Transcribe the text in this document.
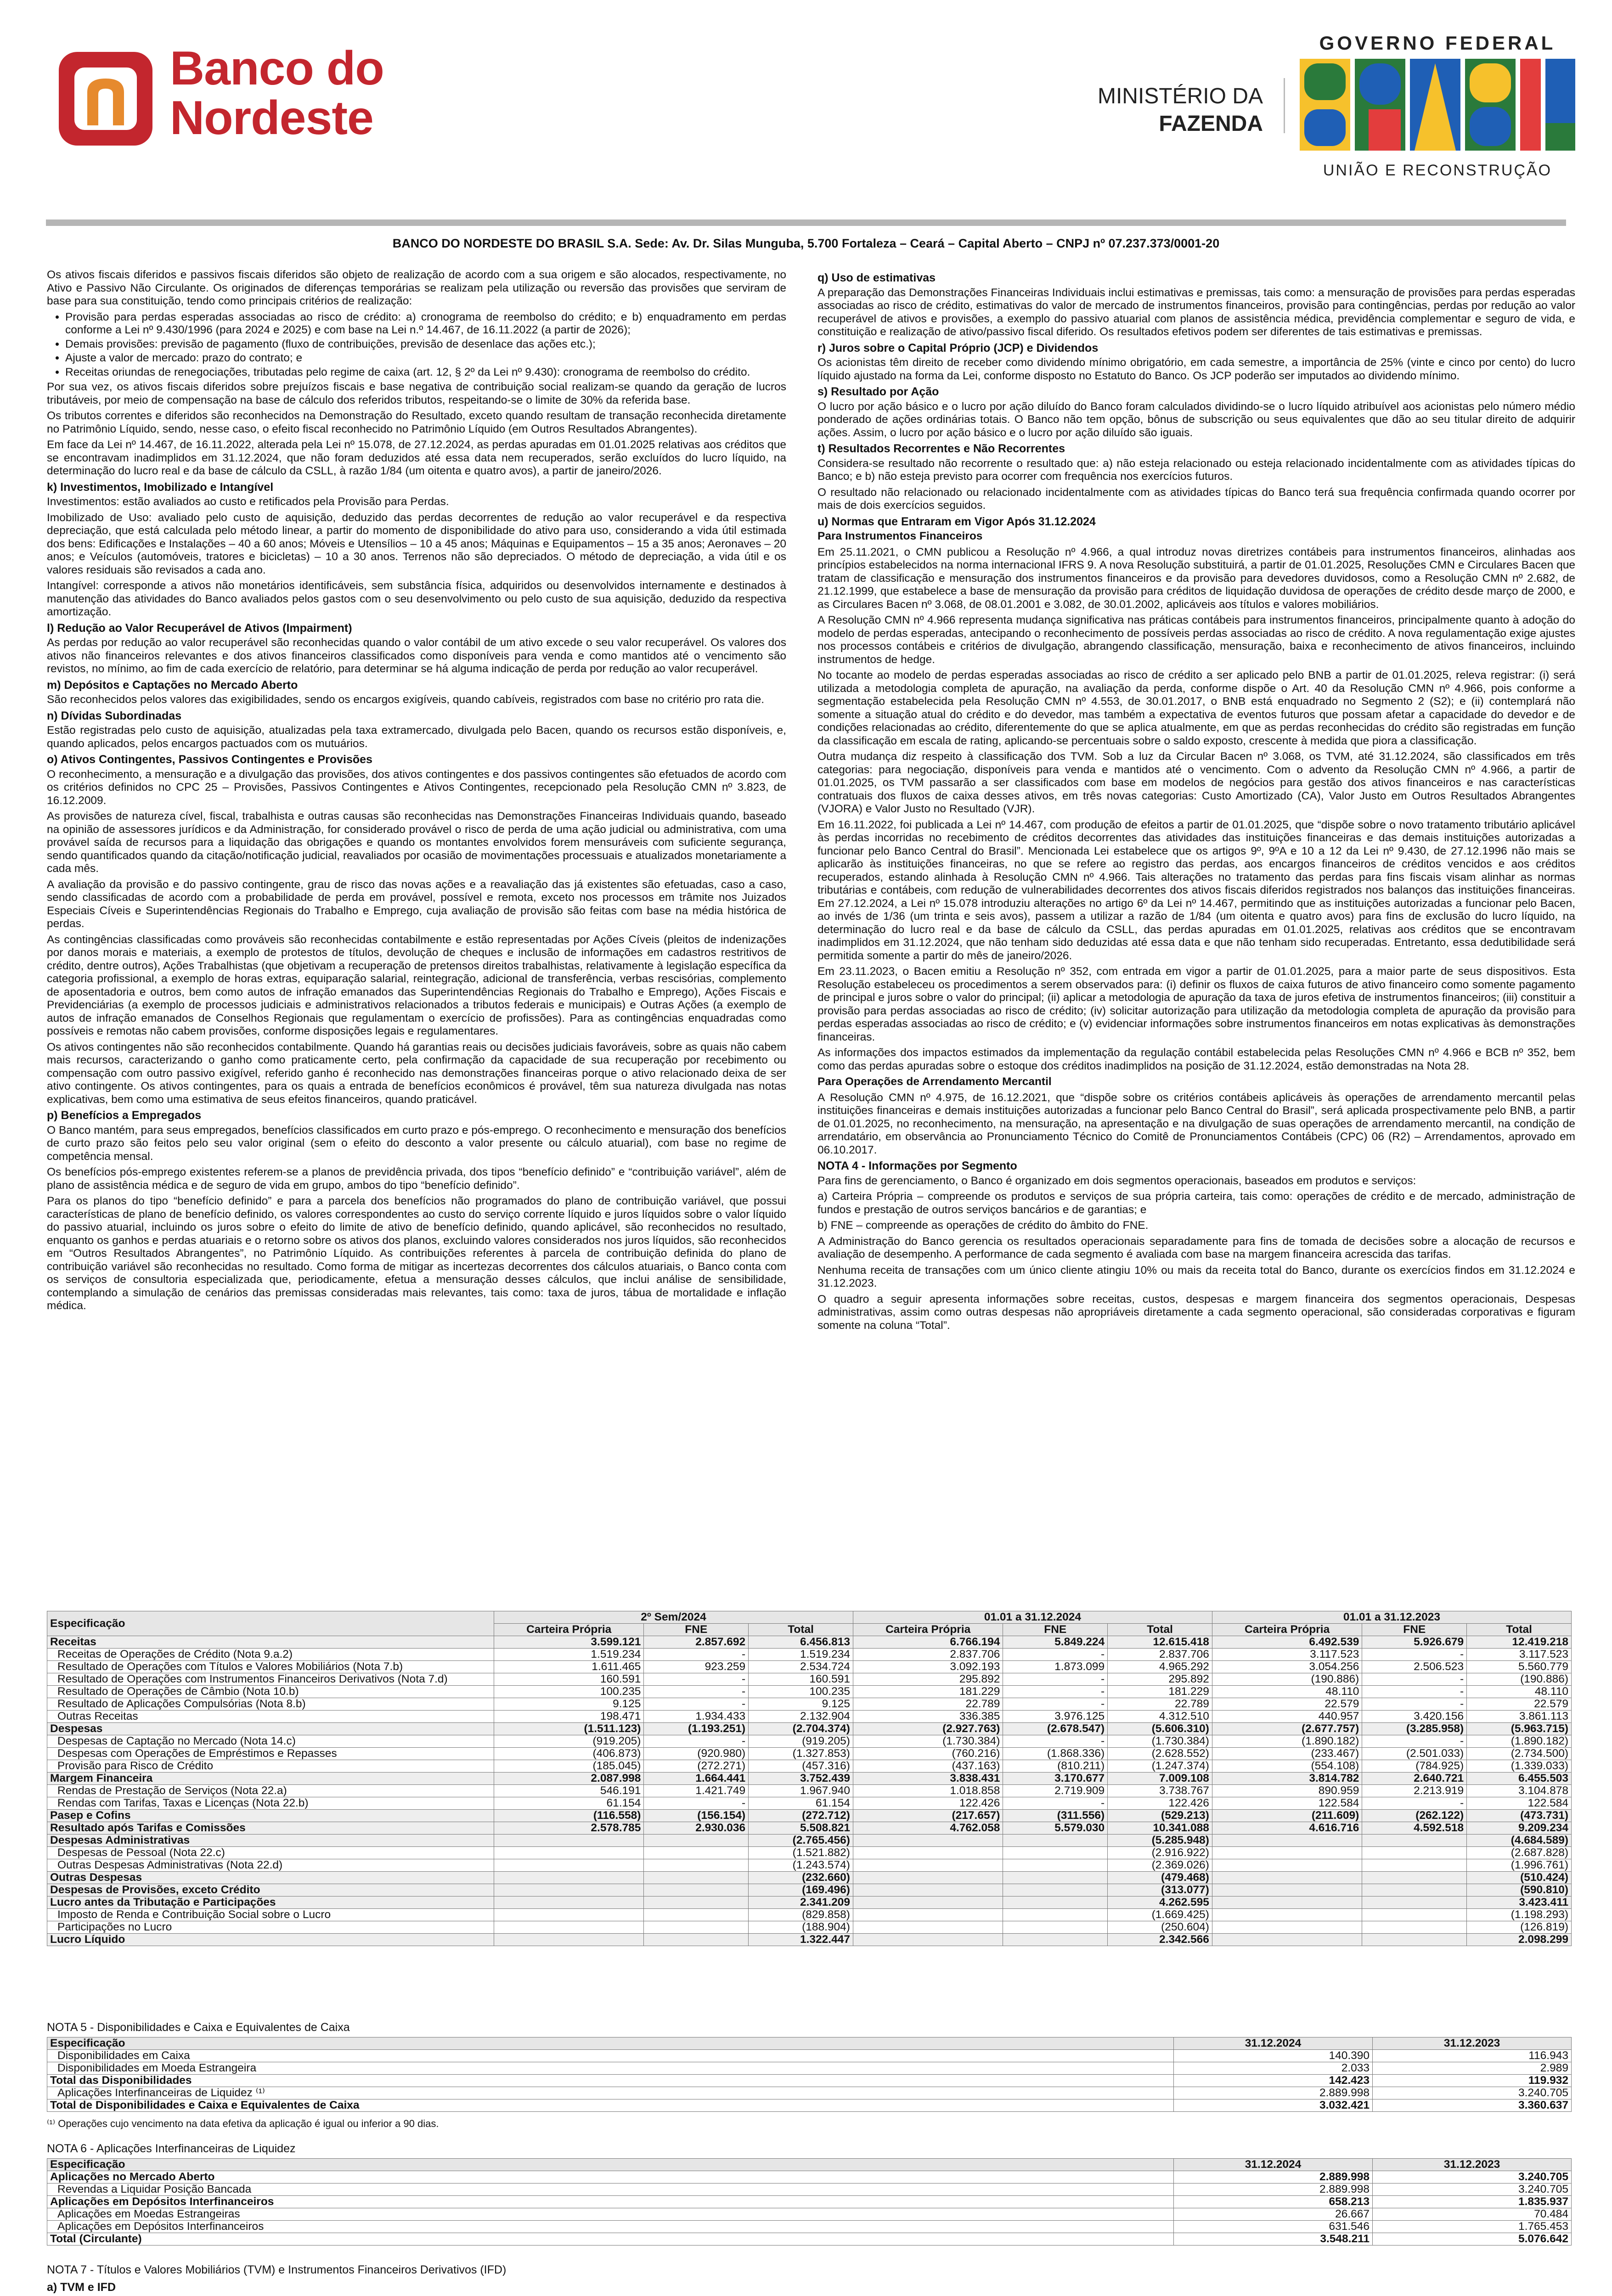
Banco do
Nordeste	MINISTÉRIO DA
FAZENDA
GOVERNO FEDERAL
UNIÃO E RECONSTRUÇÃO
BANCO DO NORDESTE DO BRASIL S.A. Sede: Av. Dr. Silas Munguba, 5.700 Fortaleza – Ceará – Capital Aberto – CNPJ nº 07.237.373/0001-20

Os ativos fiscais diferidos e passivos fiscais diferidos são objeto de realização de acordo com a sua origem e são alocados, respectivamente, no Ativo e Passivo Não Circulante. Os originados de diferenças temporárias se realizam pela utilização ou reversão das provisões que serviram de base para sua constituição, tendo como principais critérios de realização:

• Provisão para perdas esperadas associadas ao risco de crédito: a) cronograma de reembolso do crédito; e b) enquadramento em perdas conforme a Lei nº 9.430/1996 (para 2024 e 2025) e com base na Lei n.º 14.467, de 16.11.2022 (a partir de 2026);
• Demais provisões: previsão de pagamento (fluxo de contribuições, previsão de desenlace das ações etc.);
• Ajuste a valor de mercado: prazo do contrato; e
• Receitas oriundas de renegociações, tributadas pelo regime de caixa (art. 12, § 2º da Lei nº 9.430): cronograma de reembolso do crédito.

Por sua vez, os ativos fiscais diferidos sobre prejuízos fiscais e base negativa de contribuição social realizam-se quando da geração de lucros tributáveis, por meio de compensação na base de cálculo dos referidos tributos, respeitando-se o limite de 30% da referida base.

Os tributos correntes e diferidos são reconhecidos na Demonstração do Resultado, exceto quando resultam de transação reconhecida diretamente no Patrimônio Líquido, sendo, nesse caso, o efeito fiscal reconhecido no Patrimônio Líquido (em Outros Resultados Abrangentes).

Em face da Lei nº 14.467, de 16.11.2022, alterada pela Lei nº 15.078, de 27.12.2024, as perdas apuradas em 01.01.2025 relativas aos créditos que se encontravam inadimplidos em 31.12.2024, que não foram deduzidos até essa data nem recuperados, serão excluídos do lucro líquido, na determinação do lucro real e da base de cálculo da CSLL, à razão 1/84 (um oitenta e quatro avos), a partir de janeiro/2026.

k) Investimentos, Imobilizado e Intangível

Investimentos: estão avaliados ao custo e retificados pela Provisão para Perdas.

Imobilizado de Uso: avaliado pelo custo de aquisição, deduzido das perdas decorrentes de redução ao valor recuperável e da respectiva depreciação, que está calculada pelo método linear, a partir do momento de disponibilidade do ativo para uso, considerando a vida útil estimada dos bens: Edificações e Instalações – 40 a 60 anos; Móveis e Utensílios – 10 a 45 anos; Máquinas e Equipamentos – 15 a 35 anos; Aeronaves – 20 anos; e Veículos (automóveis, tratores e bicicletas) – 10 a 30 anos. Terrenos não são depreciados. O método de depreciação, a vida útil e os valores residuais são revisados a cada ano.

Intangível: corresponde a ativos não monetários identificáveis, sem substância física, adquiridos ou desenvolvidos internamente e destinados à manutenção das atividades do Banco avaliados pelos gastos com o seu desenvolvimento ou pelo custo de sua aquisição, deduzido da respectiva amortização.

l) Redução ao Valor Recuperável de Ativos (Impairment)

As perdas por redução ao valor recuperável são reconhecidas quando o valor contábil de um ativo excede o seu valor recuperável. Os valores dos ativos não financeiros relevantes e dos ativos financeiros classificados como disponíveis para venda e como mantidos até o vencimento são revistos, no mínimo, ao fim de cada exercício de relatório, para determinar se há alguma indicação de perda por redução ao valor recuperável.

m) Depósitos e Captações no Mercado Aberto

São reconhecidos pelos valores das exigibilidades, sendo os encargos exigíveis, quando cabíveis, registrados com base no critério pro rata die.

n) Dívidas Subordinadas

Estão registradas pelo custo de aquisição, atualizadas pela taxa extramercado, divulgada pelo Bacen, quando os recursos estão disponíveis, e, quando aplicados, pelos encargos pactuados com os mutuários.

o) Ativos Contingentes, Passivos Contingentes e Provisões

O reconhecimento, a mensuração e a divulgação das provisões, dos ativos contingentes e dos passivos contingentes são efetuados de acordo com os critérios definidos no CPC 25 – Provisões, Passivos Contingentes e Ativos Contingentes, recepcionado pela Resolução CMN nº 3.823, de 16.12.2009.

As provisões de natureza cível, fiscal, trabalhista e outras causas são reconhecidas nas Demonstrações Financeiras Individuais quando, baseado na opinião de assessores jurídicos e da Administração, for considerado provável o risco de perda de uma ação judicial ou administrativa, com uma provável saída de recursos para a liquidação das obrigações e quando os montantes envolvidos forem mensuráveis com suficiente segurança, sendo quantificados quando da citação/notificação judicial, reavaliados por ocasião de movimentações processuais e atualizados monetariamente a cada mês.

A avaliação da provisão e do passivo contingente, grau de risco das novas ações e a reavaliação das já existentes são efetuadas, caso a caso, sendo classificadas de acordo com a probabilidade de perda em provável, possível e remota, exceto nos processos em trâmite nos Juizados Especiais Cíveis e Superintendências Regionais do Trabalho e Emprego, cuja avaliação de provisão são feitas com base na média histórica de perdas.

As contingências classificadas como prováveis são reconhecidas contabilmente e estão representadas por Ações Cíveis (pleitos de indenizações por danos morais e materiais, a exemplo de protestos de títulos, devolução de cheques e inclusão de informações em cadastros restritivos de crédito, dentre outros), Ações Trabalhistas (que objetivam a recuperação de pretensos direitos trabalhistas, relativamente à legislação específica da categoria profissional, a exemplo de horas extras, equiparação salarial, reintegração, adicional de transferência, verbas rescisórias, complemento de aposentadoria e outros, bem como autos de infração emanados das Superintendências Regionais do Trabalho e Emprego), Ações Fiscais e Previdenciárias (a exemplo de processos judiciais e administrativos relacionados a tributos federais e municipais) e Outras Ações (a exemplo de autos de infração emanados de Conselhos Regionais que regulamentam o exercício de profissões). Para as contingências enquadradas como possíveis e remotas não cabem provisões, conforme disposições legais e regulamentares.

Os ativos contingentes não são reconhecidos contabilmente. Quando há garantias reais ou decisões judiciais favoráveis, sobre as quais não cabem mais recursos, caracterizando o ganho como praticamente certo, pela confirmação da capacidade de sua recuperação por recebimento ou compensação com outro passivo exigível, referido ganho é reconhecido nas demonstrações financeiras porque o ativo relacionado deixa de ser ativo contingente. Os ativos contingentes, para os quais a entrada de benefícios econômicos é provável, têm sua natureza divulgada nas notas explicativas, bem como uma estimativa de seus efeitos financeiros, quando praticável.

p) Benefícios a Empregados

O Banco mantém, para seus empregados, benefícios classificados em curto prazo e pós-emprego. O reconhecimento e mensuração dos benefícios de curto prazo são feitos pelo seu valor original (sem o efeito do desconto a valor presente ou cálculo atuarial), com base no regime de competência mensal.

Os benefícios pós-emprego existentes referem-se a planos de previdência privada, dos tipos “benefício definido” e “contribuição variável”, além de plano de assistência médica e de seguro de vida em grupo, ambos do tipo “benefício definido”.

Para os planos do tipo “benefício definido” e para a parcela dos benefícios não programados do plano de contribuição variável, que possui características de plano de benefício definido, os valores correspondentes ao custo do serviço corrente líquido e juros líquidos sobre o valor líquido do passivo atuarial, incluindo os juros sobre o efeito do limite de ativo de benefício definido, quando aplicável, são reconhecidos no resultado, enquanto os ganhos e perdas atuariais e o retorno sobre os ativos dos planos, excluindo valores considerados nos juros líquidos, são reconhecidos em “Outros Resultados Abrangentes”, no Patrimônio Líquido. As contribuições referentes à parcela de contribuição definida do plano de contribuição variável são reconhecidas no resultado. Como forma de mitigar as incertezas decorrentes dos cálculos atuariais, o Banco conta com os serviços de consultoria especializada que, periodicamente, efetua a mensuração desses cálculos, que inclui análise de sensibilidade, contemplando a simulação de cenários das premissas consideradas mais relevantes, tais como: taxa de juros, tábua de mortalidade e inflação médica.

q) Uso de estimativas

A preparação das Demonstrações Financeiras Individuais inclui estimativas e premissas, tais como: a mensuração de provisões para perdas esperadas associadas ao risco de crédito, estimativas do valor de mercado de instrumentos financeiros, provisão para contingências, perdas por redução ao valor recuperável de ativos e provisões, a exemplo do passivo atuarial com planos de assistência médica, previdência complementar e seguro de vida, e constituição e realização de ativo/passivo fiscal diferido. Os resultados efetivos podem ser diferentes de tais estimativas e premissas.

r) Juros sobre o Capital Próprio (JCP) e Dividendos

Os acionistas têm direito de receber como dividendo mínimo obrigatório, em cada semestre, a importância de 25% (vinte e cinco por cento) do lucro líquido ajustado na forma da Lei, conforme disposto no Estatuto do Banco. Os JCP poderão ser imputados ao dividendo mínimo.

s) Resultado por Ação

O lucro por ação básico e o lucro por ação diluído do Banco foram calculados dividindo-se o lucro líquido atribuível aos acionistas pelo número médio ponderado de ações ordinárias totais. O Banco não tem opção, bônus de subscrição ou seus equivalentes que dão ao seu titular direito de adquirir ações. Assim, o lucro por ação básico e o lucro por ação diluído são iguais.

t) Resultados Recorrentes e Não Recorrentes

Considera-se resultado não recorrente o resultado que: a) não esteja relacionado ou esteja relacionado incidentalmente com as atividades típicas do Banco; e b) não esteja previsto para ocorrer com frequência nos exercícios futuros.

O resultado não relacionado ou relacionado incidentalmente com as atividades típicas do Banco terá sua frequência confirmada quando ocorrer por mais de dois exercícios seguidos.

u) Normas que Entraram em Vigor Após 31.12.2024

Para Instrumentos Financeiros

Em 25.11.2021, o CMN publicou a Resolução nº 4.966, a qual introduz novas diretrizes contábeis para instrumentos financeiros, alinhadas aos princípios estabelecidos na norma internacional IFRS 9. A nova Resolução substituirá, a partir de 01.01.2025, Resoluções CMN e Circulares Bacen que tratam de classificação e mensuração dos instrumentos financeiros e da provisão para devedores duvidosos, como a Resolução CMN nº 2.682, de 21.12.1999, que estabelece a base de mensuração da provisão para créditos de liquidação duvidosa de operações de crédito desde março de 2000, e as Circulares Bacen nº 3.068, de 08.01.2001 e 3.082, de 30.01.2002, aplicáveis aos títulos e valores mobiliários.

A Resolução CMN nº 4.966 representa mudança significativa nas práticas contábeis para instrumentos financeiros, principalmente quanto à adoção do modelo de perdas esperadas, antecipando o reconhecimento de possíveis perdas associadas ao risco de crédito. A nova regulamentação exige ajustes nos processos contábeis e critérios de divulgação, abrangendo classificação, mensuração, baixa e reconhecimento de ativos financeiros, incluindo instrumentos de hedge.

No tocante ao modelo de perdas esperadas associadas ao risco de crédito a ser aplicado pelo BNB a partir de 01.01.2025, releva registrar: (i) será utilizada a metodologia completa de apuração, na avaliação da perda, conforme dispõe o Art. 40 da Resolução CMN nº 4.966, pois conforme a segmentação estabelecida pela Resolução CMN nº 4.553, de 30.01.2017, o BNB está enquadrado no Segmento 2 (S2); e (ii) contemplará não somente a situação atual do crédito e do devedor, mas também a expectativa de eventos futuros que possam afetar a capacidade do devedor e de condições relacionadas ao crédito, diferentemente do que se aplica atualmente, em que as perdas reconhecidas do crédito são registradas em função da classificação em escala de rating, aplicando-se percentuais sobre o saldo exposto, crescente à medida que piora a classificação.

Outra mudança diz respeito à classificação dos TVM. Sob a luz da Circular Bacen nº 3.068, os TVM, até 31.12.2024, são classificados em três categorias: para negociação, disponíveis para venda e mantidos até o vencimento. Com o advento da Resolução CMN nº 4.966, a partir de 01.01.2025, os TVM passarão a ser classificados com base em modelos de negócios para gestão dos ativos financeiros e nas características contratuais dos fluxos de caixa desses ativos, em três novas categorias: Custo Amortizado (CA), Valor Justo em Outros Resultados Abrangentes (VJORA) e Valor Justo no Resultado (VJR).

Em 16.11.2022, foi publicada a Lei nº 14.467, com produção de efeitos a partir de 01.01.2025, que “dispõe sobre o novo tratamento tributário aplicável às perdas incorridas no recebimento de créditos decorrentes das atividades das instituições financeiras e das demais instituições autorizadas a funcionar pelo Banco Central do Brasil”. Mencionada Lei estabelece que os artigos 9º, 9ºA e 10 a 12 da Lei nº 9.430, de 27.12.1996 não mais se aplicarão às instituições financeiras, no que se refere ao registro das perdas, aos encargos financeiros de créditos vencidos e aos créditos recuperados, estando alinhada à Resolução CMN nº 4.966. Tais alterações no tratamento das perdas para fins fiscais visam alinhar as normas tributárias e contábeis, com redução de vulnerabilidades decorrentes dos ativos fiscais diferidos registrados nos balanços das instituições financeiras. Em 27.12.2024, a Lei nº 15.078 introduziu alterações no artigo 6º da Lei nº 14.467, permitindo que as instituições autorizadas a funcionar pelo Bacen, ao invés de 1/36 (um trinta e seis avos), passem a utilizar a razão de 1/84 (um oitenta e quatro avos) para fins de exclusão do lucro líquido, na determinação do lucro real e da base de cálculo da CSLL, das perdas apuradas em 01.01.2025, relativas aos créditos que se encontravam inadimplidos em 31.12.2024, que não tenham sido deduzidas até essa data e que não tenham sido recuperadas. Entretanto, essa dedutibilidade será permitida somente a partir do mês de janeiro/2026.

Em 23.11.2023, o Bacen emitiu a Resolução nº 352, com entrada em vigor a partir de 01.01.2025, para a maior parte de seus dispositivos. Esta Resolução estabeleceu os procedimentos a serem observados para: (i) definir os fluxos de caixa futuros de ativo financeiro como somente pagamento de principal e juros sobre o valor do principal; (ii) aplicar a metodologia de apuração da taxa de juros efetiva de instrumentos financeiros; (iii) constituir a provisão para perdas associadas ao risco de crédito; (iv) solicitar autorização para utilização da metodologia completa de apuração da provisão para perdas esperadas associadas ao risco de crédito; e (v) evidenciar informações sobre instrumentos financeiros em notas explicativas às demonstrações financeiras.

As informações dos impactos estimados da implementação da regulação contábil estabelecida pelas Resoluções CMN nº 4.966 e BCB nº 352, bem como das perdas apuradas sobre o estoque dos créditos inadimplidos na posição de 31.12.2024, estão demonstradas na Nota 28.

Para Operações de Arrendamento Mercantil

A Resolução CMN nº 4.975, de 16.12.2021, que “dispõe sobre os critérios contábeis aplicáveis às operações de arrendamento mercantil pelas instituições financeiras e demais instituições autorizadas a funcionar pelo Banco Central do Brasil”, será aplicada prospectivamente pelo BNB, a partir de 01.01.2025, no reconhecimento, na mensuração, na apresentação e na divulgação de suas operações de arrendamento mercantil, na condição de arrendatário, em observância ao Pronunciamento Técnico do Comitê de Pronunciamentos Contábeis (CPC) 06 (R2) – Arrendamentos, aprovado em 06.10.2017.

NOTA 4 - Informações por Segmento

Para fins de gerenciamento, o Banco é organizado em dois segmentos operacionais, baseados em produtos e serviços:

a) Carteira Própria – compreende os produtos e serviços de sua própria carteira, tais como: operações de crédito e de mercado, administração de fundos e prestação de outros serviços bancários e de garantias; e

b) FNE – compreende as operações de crédito do âmbito do FNE.

A Administração do Banco gerencia os resultados operacionais separadamente para fins de tomada de decisões sobre a alocação de recursos e avaliação de desempenho. A performance de cada segmento é avaliada com base na margem financeira acrescida das tarifas.

Nenhuma receita de transações com um único cliente atingiu 10% ou mais da receita total do Banco, durante os exercícios findos em 31.12.2024 e 31.12.2023.

O quadro a seguir apresenta informações sobre receitas, custos, despesas e margem financeira dos segmentos operacionais, Despesas administrativas, assim como outras despesas não apropriáveis diretamente a cada segmento operacional, são consideradas corporativas e figuram somente na coluna “Total”.

Especificação	2º Sem/2024			01.01 a 31.12.2024			01.01 a 31.12.2023		
	Carteira Própria	FNE	Total	Carteira Própria	FNE	Total	Carteira Própria	FNE	Total
Receitas	3.599.121	2.857.692	6.456.813	6.766.194	5.849.224	12.615.418	6.492.539	5.926.679	12.419.218
Receitas de Operações de Crédito (Nota 9.a.2)	1.519.234	-	1.519.234	2.837.706	-	2.837.706	3.117.523	-	3.117.523
Resultado de Operações com Títulos e Valores Mobiliários (Nota 7.b)	1.611.465	923.259	2.534.724	3.092.193	1.873.099	4.965.292	3.054.256	2.506.523	5.560.779
Resultado de Operações com Instrumentos Financeiros Derivativos (Nota 7.d)	160.591	-	160.591	295.892	-	295.892	(190.886)	-	(190.886)
Resultado de Operações de Câmbio (Nota 10.b)	100.235	-	100.235	181.229	-	181.229	48.110	-	48.110
Resultado de Aplicações Compulsórias (Nota 8.b)	9.125	-	9.125	22.789	-	22.789	22.579	-	22.579
Outras Receitas	198.471	1.934.433	2.132.904	336.385	3.976.125	4.312.510	440.957	3.420.156	3.861.113
Despesas	(1.511.123)	(1.193.251)	(2.704.374)	(2.927.763)	(2.678.547)	(5.606.310)	(2.677.757)	(3.285.958)	(5.963.715)
Despesas de Captação no Mercado (Nota 14.c)	(919.205)	-	(919.205)	(1.730.384)	-	(1.730.384)	(1.890.182)	-	(1.890.182)
Despesas com Operações de Empréstimos e Repasses	(406.873)	(920.980)	(1.327.853)	(760.216)	(1.868.336)	(2.628.552)	(233.467)	(2.501.033)	(2.734.500)
Provisão para Risco de Crédito	(185.045)	(272.271)	(457.316)	(437.163)	(810.211)	(1.247.374)	(554.108)	(784.925)	(1.339.033)
Margem Financeira	2.087.998	1.664.441	3.752.439	3.838.431	3.170.677	7.009.108	3.814.782	2.640.721	6.455.503
Rendas de Prestação de Serviços (Nota 22.a)	546.191	1.421.749	1.967.940	1.018.858	2.719.909	3.738.767	890.959	2.213.919	3.104.878
Rendas com Tarifas, Taxas e Licenças (Nota 22.b)	61.154	-	61.154	122.426	-	122.426	122.584	-	122.584
Pasep e Cofins	(116.558)	(156.154)	(272.712)	(217.657)	(311.556)	(529.213)	(211.609)	(262.122)	(473.731)
Resultado após Tarifas e Comissões	2.578.785	2.930.036	5.508.821	4.762.058	5.579.030	10.341.088	4.616.716	4.592.518	9.209.234
Despesas Administrativas			(2.765.456)			(5.285.948)			(4.684.589)
Despesas de Pessoal (Nota 22.c)			(1.521.882)			(2.916.922)			(2.687.828)
Outras Despesas Administrativas (Nota 22.d)			(1.243.574)			(2.369.026)			(1.996.761)
Outras Despesas			(232.660)			(479.468)			(510.424)
Despesas de Provisões, exceto Crédito			(169.496)			(313.077)			(590.810)
Lucro antes da Tributação e Participações			2.341.209			4.262.595			3.423.411
Imposto de Renda e Contribuição Social sobre o Lucro			(829.858)			(1.669.425)			(1.198.293)
Participações no Lucro			(188.904)			(250.604)			(126.819)
Lucro Líquido			1.322.447			2.342.566			2.098.299
NOTA 5 - Disponibilidades e Caixa e Equivalentes de Caixa
Especificação	31.12.2024	31.12.2023
Disponibilidades em Caixa	140.390	116.943
Disponibilidades em Moeda Estrangeira	2.033	2.989
Total das Disponibilidades	142.423	119.932
Aplicações Interfinanceiras de Liquidez ⁽¹⁾	2.889.998	3.240.705
Total de Disponibilidades e Caixa e Equivalentes de Caixa	3.032.421	3.360.637
⁽¹⁾ Operações cujo vencimento na data efetiva da aplicação é igual ou inferior a 90 dias.
NOTA 6 - Aplicações Interfinanceiras de Liquidez
Especificação	31.12.2024	31.12.2023
Aplicações no Mercado Aberto	2.889.998	3.240.705
Revendas a Liquidar Posição Bancada	2.889.998	3.240.705
Aplicações em Depósitos Interfinanceiros	658.213	1.835.937
Aplicações em Moedas Estrangeiras	26.667	70.484
Aplicações em Depósitos Interfinanceiros	631.546	1.765.453
Total (Circulante)	3.548.211	5.076.642
NOTA 7 - Títulos e Valores Mobiliários (TVM) e Instrumentos Financeiros Derivativos (IFD)
a) TVM e IFD
